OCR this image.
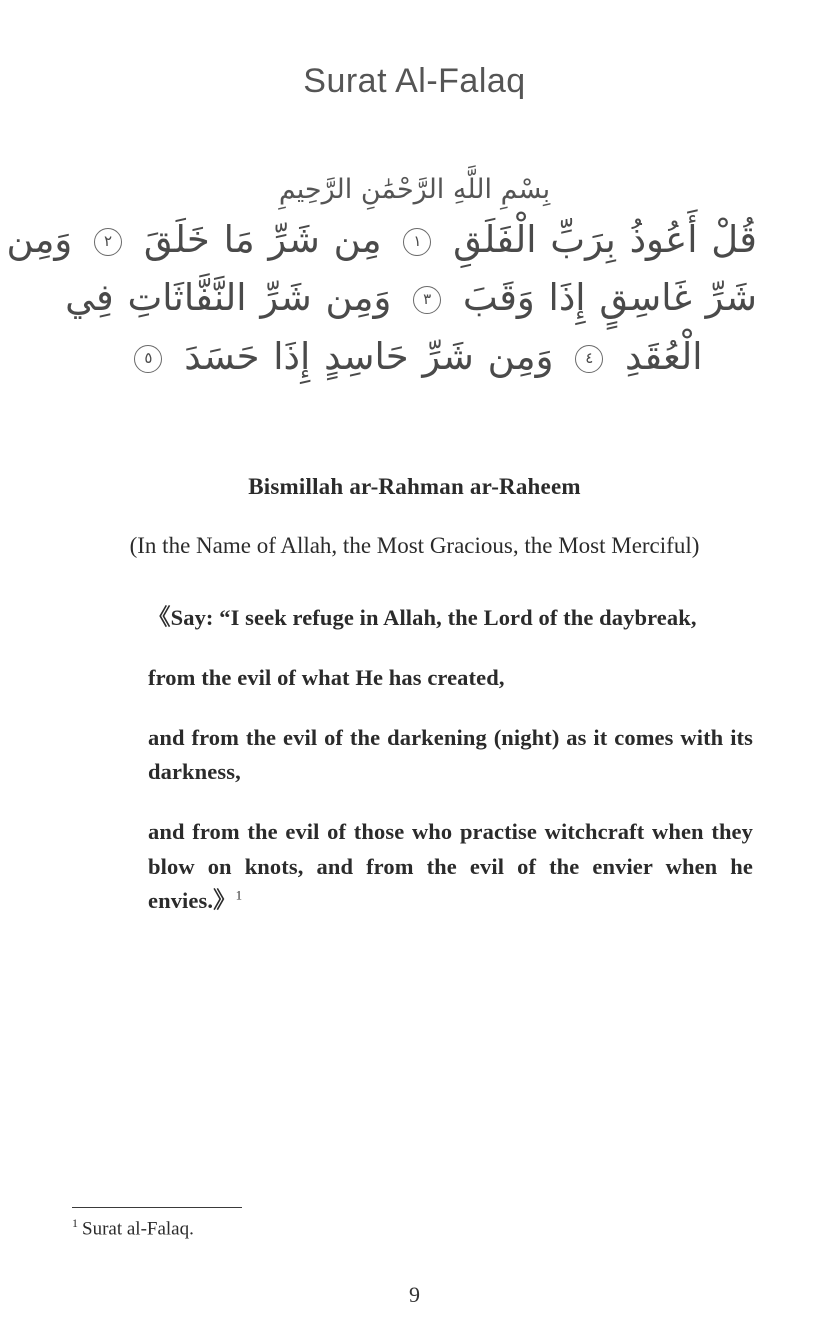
Surat Al-Falaq
بِسْمِ اللَّهِ الرَّحْمَٰنِ الرَّحِيمِ
قُلْ أَعُوذُ بِرَبِّ الْفَلَقِ ١ مِن شَرِّ مَا خَلَقَ ٢ وَمِن
شَرِّ غَاسِقٍ إِذَا وَقَبَ ٣ وَمِن شَرِّ النَّفَّاثَاتِ فِي
الْعُقَدِ ٤ وَمِن شَرِّ حَاسِدٍ إِذَا حَسَدَ ٥
Bismillah ar-Rahman ar-Raheem
(In the Name of Allah, the Most Gracious, the Most Merciful)

《Say: “I seek refuge in Allah, the Lord of the daybreak,

from the evil of what He has created,

and from the evil of the darkening (night) as it comes with its darkness,

and from the evil of those who practise witchcraft when they blow on knots, and from the evil of the envier when he envies.》$^1$

$^1$ Surat al-Falaq.
9
